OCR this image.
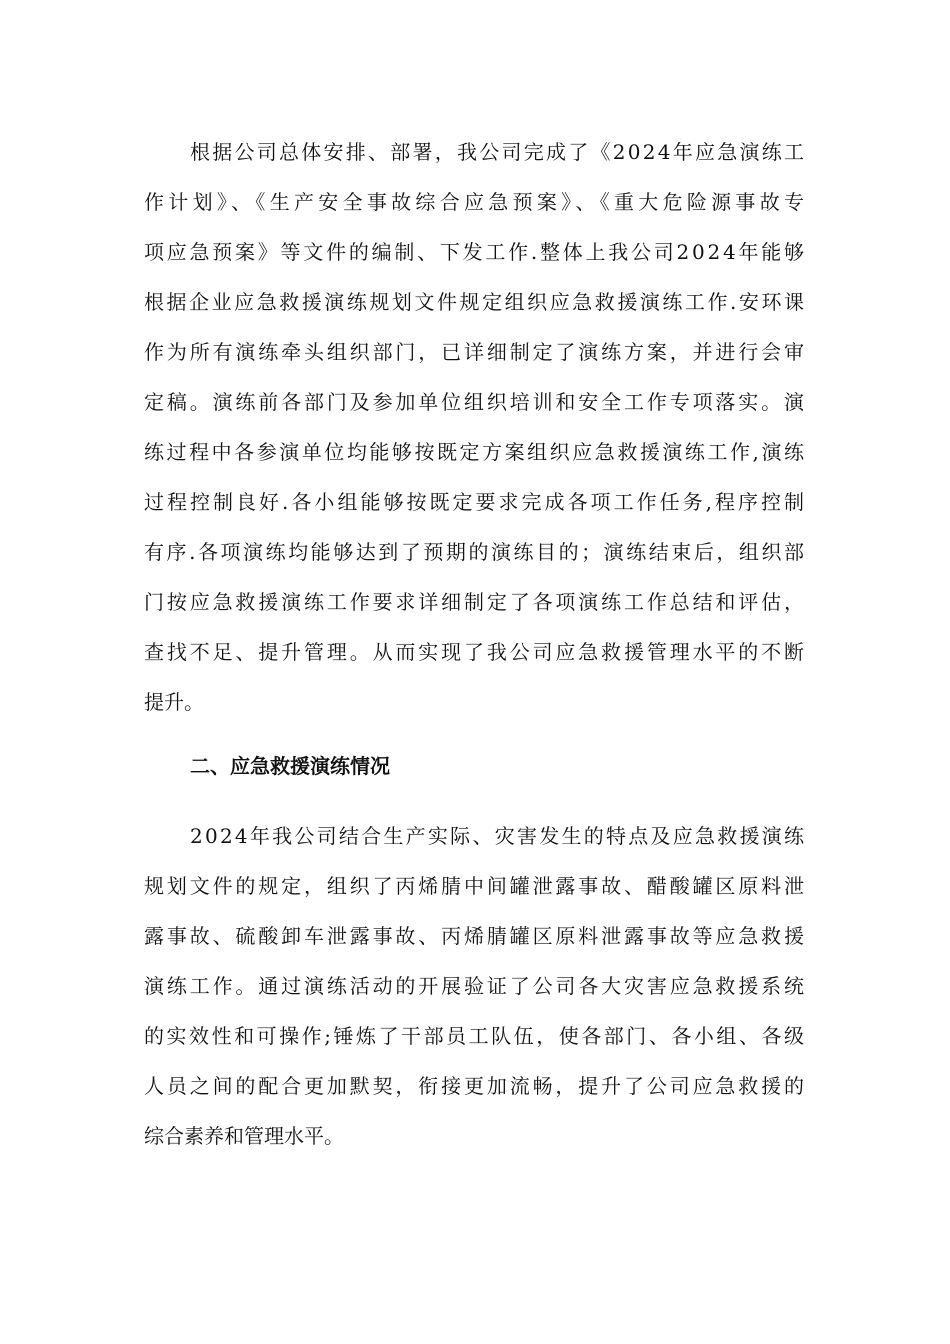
根据公司总体安排、部署，我公司完成了《2024年应急演练工
作计划》、《生产安全事故综合应急预案》、《重大危险源事故专
项应急预案》等文件的编制、下发工作.整体上我公司2024年能够
根据企业应急救援演练规划文件规定组织应急救援演练工作.安环课
作为所有演练牵头组织部门，已详细制定了演练方案，并进行会审
定稿。演练前各部门及参加单位组织培训和安全工作专项落实。演
练过程中各参演单位均能够按既定方案组织应急救援演练工作,演练
过程控制良好.各小组能够按既定要求完成各项工作任务,程序控制
有序.各项演练均能够达到了预期的演练目的；演练结束后，组织部
门按应急救援演练工作要求详细制定了各项演练工作总结和评估，
查找不足、提升管理。从而实现了我公司应急救援管理水平的不断
提升。
二、应急救援演练情况
2024年我公司结合生产实际、灾害发生的特点及应急救援演练
规划文件的规定，组织了丙烯腈中间罐泄露事故、醋酸罐区原料泄
露事故、硫酸卸车泄露事故、丙烯腈罐区原料泄露事故等应急救援
演练工作。通过演练活动的开展验证了公司各大灾害应急救援系统
的实效性和可操作;锤炼了干部员工队伍，使各部门、各小组、各级
人员之间的配合更加默契，衔接更加流畅，提升了公司应急救援的
综合素养和管理水平。
